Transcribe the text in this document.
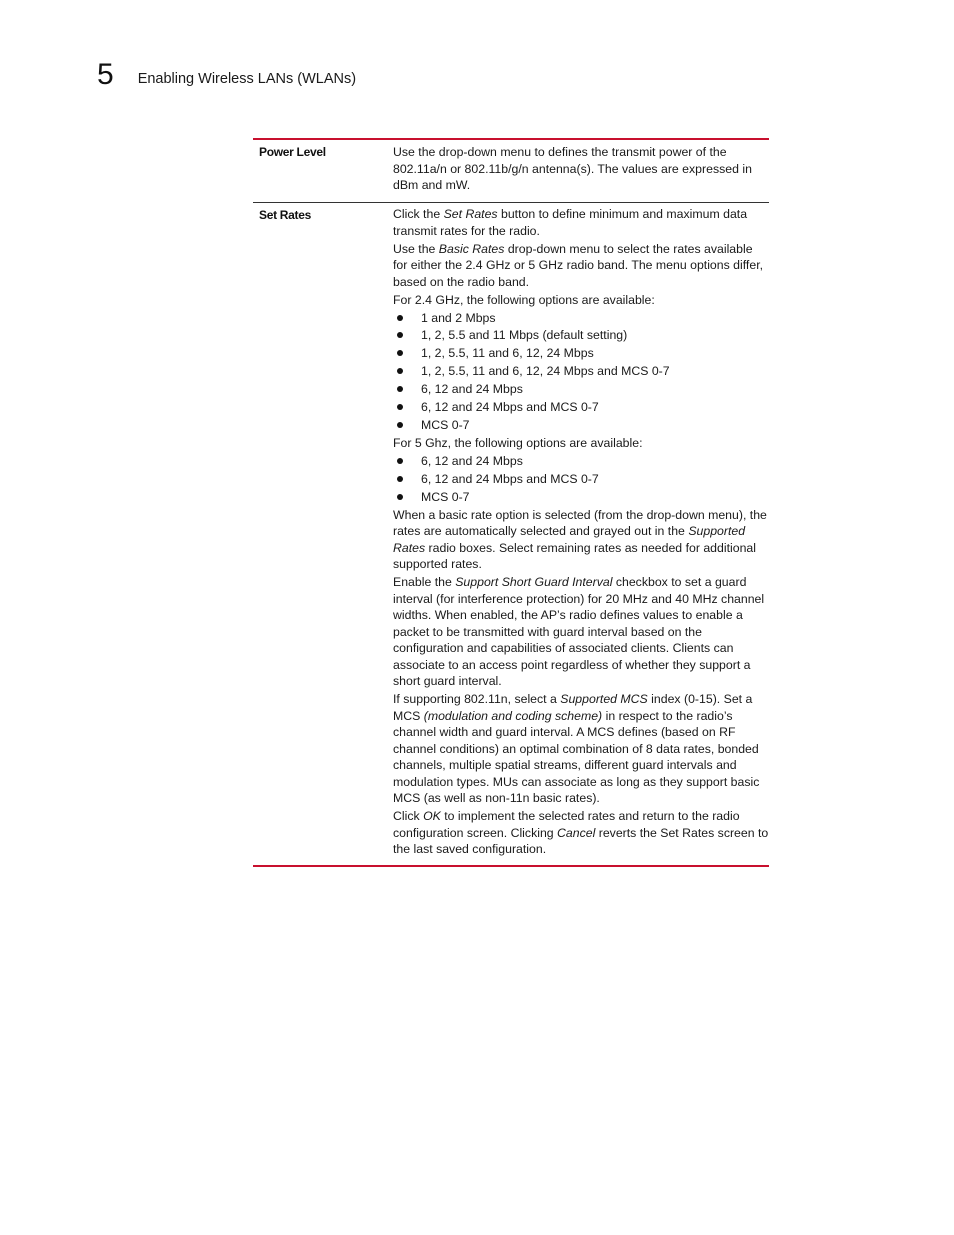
5 Enabling Wireless LANs (WLANs)
Power Level	Use the drop-down menu to defines the transmit power of the 802.11a/n or 802.11b/g/n antenna(s). The values are expressed in dBm and mW.

Set Rates	Click the Set Rates button to define minimum and maximum data transmit rates for the radio.

Use the Basic Rates drop-down menu to select the rates available for either the 2.4 GHz or 5 GHz radio band. The menu options differ, based on the radio band.

For 2.4 GHz, the following options are available:

1 and 2 Mbps
1, 2, 5.5 and 11 Mbps (default setting)
1, 2, 5.5, 11 and 6, 12, 24 Mbps
1, 2, 5.5, 11 and 6, 12, 24 Mbps and MCS 0-7
6, 12 and 24 Mbps
6, 12 and 24 Mbps and MCS 0-7
MCS 0-7

For 5 Ghz, the following options are available:

6, 12 and 24 Mbps
6, 12 and 24 Mbps and MCS 0-7
MCS 0-7

When a basic rate option is selected (from the drop-down menu), the rates are automatically selected and grayed out in the Supported Rates radio boxes. Select remaining rates as needed for additional supported rates.

Enable the Support Short Guard Interval checkbox to set a guard interval (for interference protection) for 20 MHz and 40 MHz channel widths. When enabled, the AP’s radio defines values to enable a packet to be transmitted with guard interval based on the configuration and capabilities of associated clients. Clients can associate to an access point regardless of whether they support a short guard interval.

If supporting 802.11n, select a Supported MCS index (0-15). Set a MCS (modulation and coding scheme) in respect to the radio’s channel width and guard interval. A MCS defines (based on RF channel conditions) an optimal combination of 8 data rates, bonded channels, multiple spatial streams, different guard intervals and modulation types. MUs can associate as long as they support basic MCS (as well as non-11n basic rates).

Click OK to implement the selected rates and return to the radio configuration screen. Clicking Cancel reverts the Set Rates screen to the last saved configuration.
